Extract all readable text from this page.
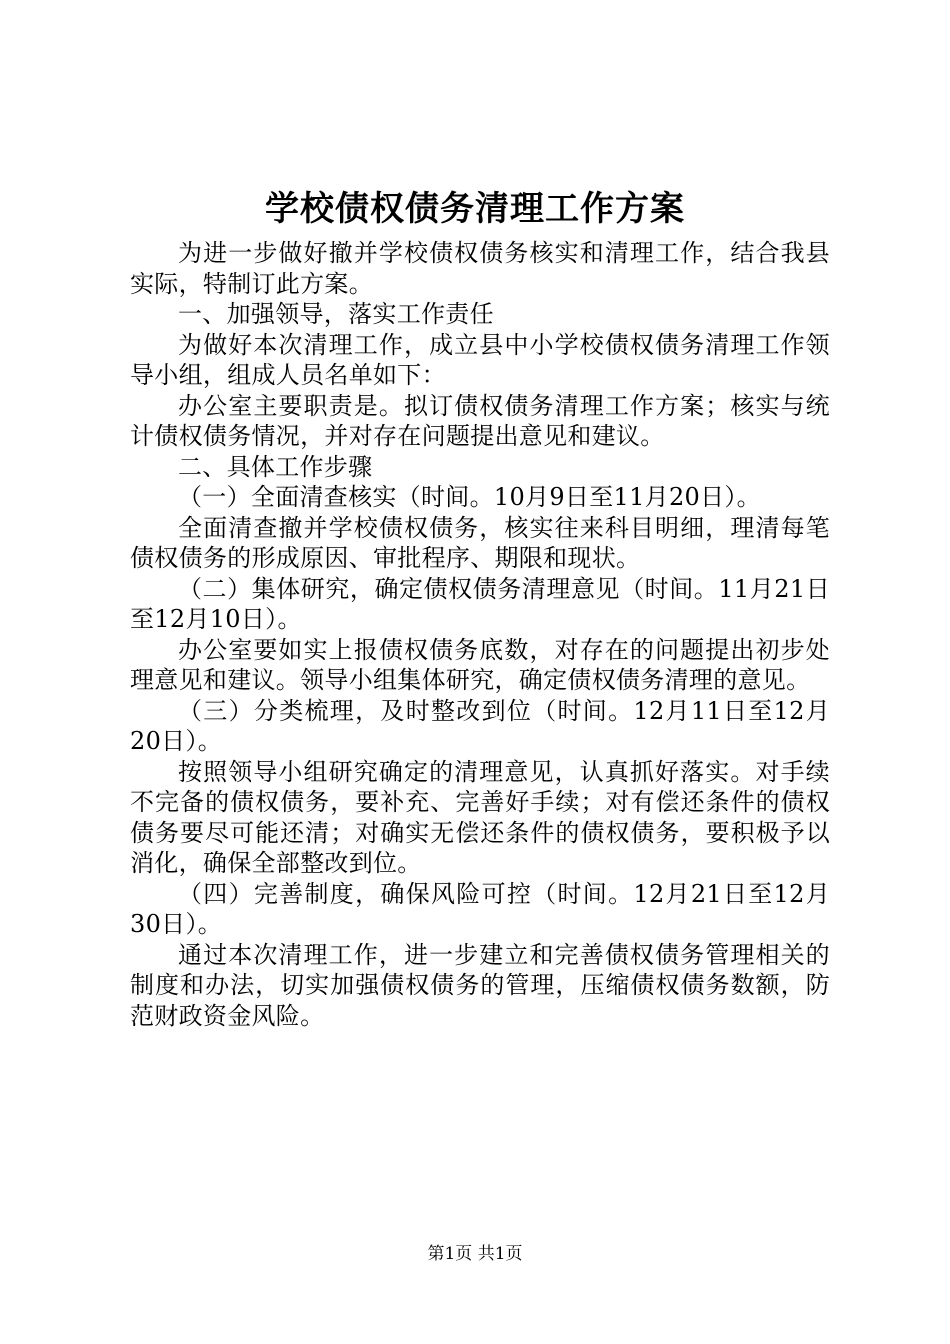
学校债权债务清理工作方案

为进一步做好撤并学校债权债务核实和清理工作，结合我县实际，特制订此方案。

一、加强领导，落实工作责任

为做好本次清理工作，成立县中小学校债权债务清理工作领导小组，组成人员名单如下：

办公室主要职责是。拟订债权债务清理工作方案；核实与统计债权债务情况，并对存在问题提出意见和建议。

二、具体工作步骤

（一）全面清查核实（时间。10月9日至11月20日）。

全面清查撤并学校债权债务，核实往来科目明细，理清每笔债权债务的形成原因、审批程序、期限和现状。

（二）集体研究，确定债权债务清理意见（时间。11月21日至12月10日）。

办公室要如实上报债权债务底数，对存在的问题提出初步处理意见和建议。领导小组集体研究，确定债权债务清理的意见。

（三）分类梳理，及时整改到位（时间。12月11日至12月20日）。

按照领导小组研究确定的清理意见，认真抓好落实。对手续不完备的债权债务，要补充、完善好手续；对有偿还条件的债权债务要尽可能还清；对确实无偿还条件的债权债务，要积极予以消化，确保全部整改到位。

（四）完善制度，确保风险可控（时间。12月21日至12月30日）。

通过本次清理工作，进一步建立和完善债权债务管理相关的制度和办法，切实加强债权债务的管理，压缩债权债务数额，防范财政资金风险。

第1页 共1页
